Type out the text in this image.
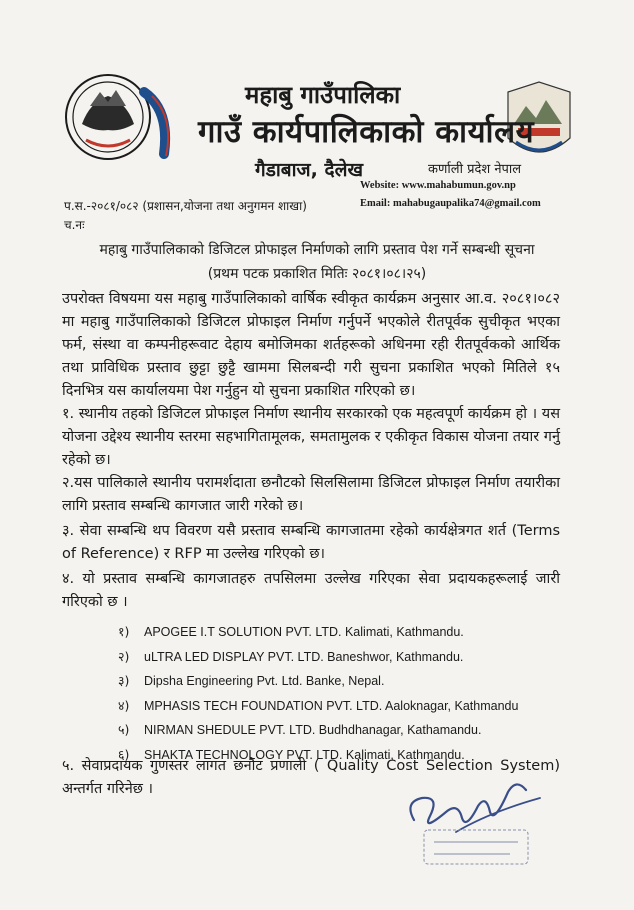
महाबु गाउँपालिका
गाउँ कार्यपालिकाको कार्यालय
गैडाबाज, दैलेख	कर्णाली प्रदेश नेपाल
Website: www.mahabumun.gov.np
Email: mahabugaupalika74@gmail.com
प.स.-२०८१/०८२ (प्रशासन,योजना तथा अनुगमन शाखा)
च.नः
महाबु गाउँपालिकाको डिजिटल प्रोफाइल निर्माणको लागि प्रस्ताव पेश गर्ने सम्बन्धी सूचना
(प्रथम पटक प्रकाशित मितिः २०८१।०८।२५)
उपरोक्त विषयमा यस महाबु गाउँपालिकाको वार्षिक स्वीकृत कार्यक्रम अनुसार आ.व. २०८१।०८२ मा महाबु गाउँपालिकाको डिजिटल प्रोफाइल निर्माण गर्नुपर्ने भएकोले रीतपूर्वक सुचीकृत भएका फर्म, संस्था वा कम्पनीहरूवाट देहाय बमोजिमका शर्तहरूको अधिनमा रही रीतपूर्वकको आर्थिक तथा प्राविधिक प्रस्ताव छुट्टा छुट्टै खाममा सिलबन्दी गरी सुचना प्रकाशित भएको मितिले १५ दिनभित्र यस कार्यालयमा पेश गर्नुहुन यो सुचना प्रकाशित गरिएको छ।
१. स्थानीय तहको डिजिटल प्रोफाइल निर्माण स्थानीय सरकारको एक महत्वपूर्ण कार्यक्रम हो । यस योजना उद्देश्य स्थानीय स्तरमा सहभागितामूलक, समतामुलक र एकीकृत विकास योजना तयार गर्नु रहेको छ।
२.यस पालिकाले स्थानीय परामर्शदाता छनौटको सिलसिलामा डिजिटल प्रोफाइल निर्माण तयारीका लागि प्रस्ताव सम्बन्धि कागजात जारी गरेको छ।
३. सेवा सम्बन्धि थप विवरण यसै प्रस्ताव सम्बन्धि कागजातमा रहेको कार्यक्षेत्रगत शर्त (Terms of Reference) र RFP मा उल्लेख गरिएको छ।
४. यो प्रस्ताव सम्बन्धि कागजातहरु तपसिलमा उल्लेख गरिएका सेवा प्रदायकहरूलाई जारी गरिएको छ ।
१) APOGEE I.T SOLUTION PVT. LTD. Kalimati, Kathmandu.
२) uLTRA LED DISPLAY PVT. LTD. Baneshwor, Kathmandu.
३) Dipsha Engineering Pvt. Ltd. Banke, Nepal.
४) MPHASIS TECH FOUNDATION PVT. LTD. Aaloknagar, Kathmandu
५) NIRMAN SHEDULE PVT. LTD. Budhdhanagar, Kathamandu.
६) SHAKTA TECHNOLOGY PVT. LTD. Kalimati, Kathmandu.
५. सेवाप्रदायक गुणस्तर लागत छनौट प्रणाली ( Quality Cost Selection System) अन्तर्गत गरिनेछ ।
